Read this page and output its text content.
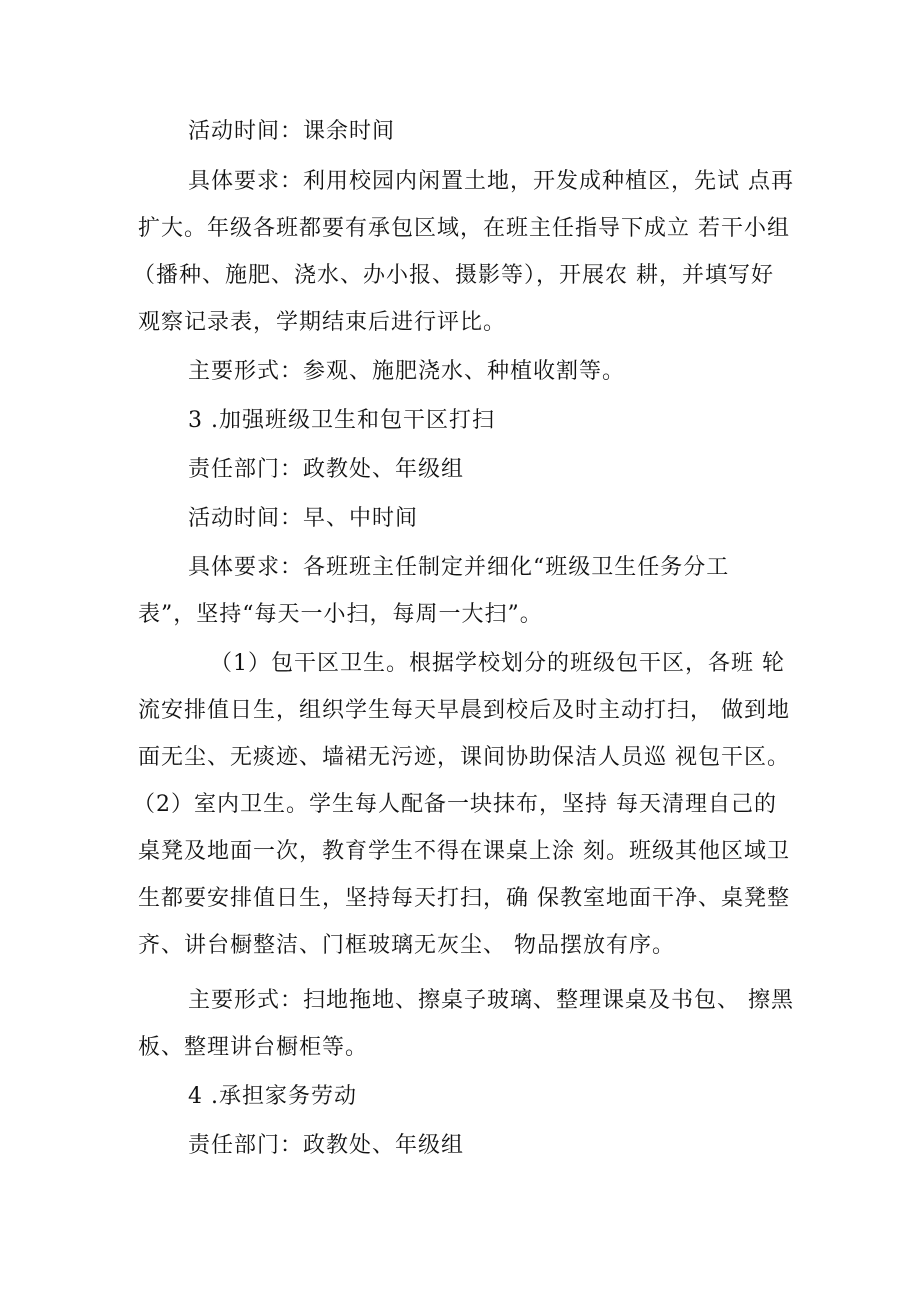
活动时间：课余时间
具体要求：利用校园内闲置土地，开发成种植区，先试 点再
扩大。年级各班都要有承包区域，在班主任指导下成立 若干小组
（播种、施肥、浇水、办小报、摄影等），开展农 耕，并填写好
观察记录表，学期结束后进行评比。
主要形式：参观、施肥浇水、种植收割等。
3 .加强班级卫生和包干区打扫
责任部门：政教处、年级组
活动时间：早、中时间
具体要求：各班班主任制定并细化“班级卫生任务分工
表”，坚持“每天一小扫，每周一大扫”。
（1）包干区卫生。根据学校划分的班级包干区，各班 轮
流安排值日生，组织学生每天早晨到校后及时主动打扫， 做到地
面无尘、无痰迹、墙裙无污迹，课间协助保洁人员巡 视包干区。
（2）室内卫生。学生每人配备一块抹布，坚持 每天清理自己的
桌凳及地面一次，教育学生不得在课桌上涂 刻。班级其他区域卫
生都要安排值日生，坚持每天打扫，确 保教室地面干净、桌凳整
齐、讲台橱整洁、门框玻璃无灰尘、 物品摆放有序。
主要形式：扫地拖地、擦桌子玻璃、整理课桌及书包、 擦黑
板、整理讲台橱柜等。
4 .承担家务劳动
责任部门：政教处、年级组
